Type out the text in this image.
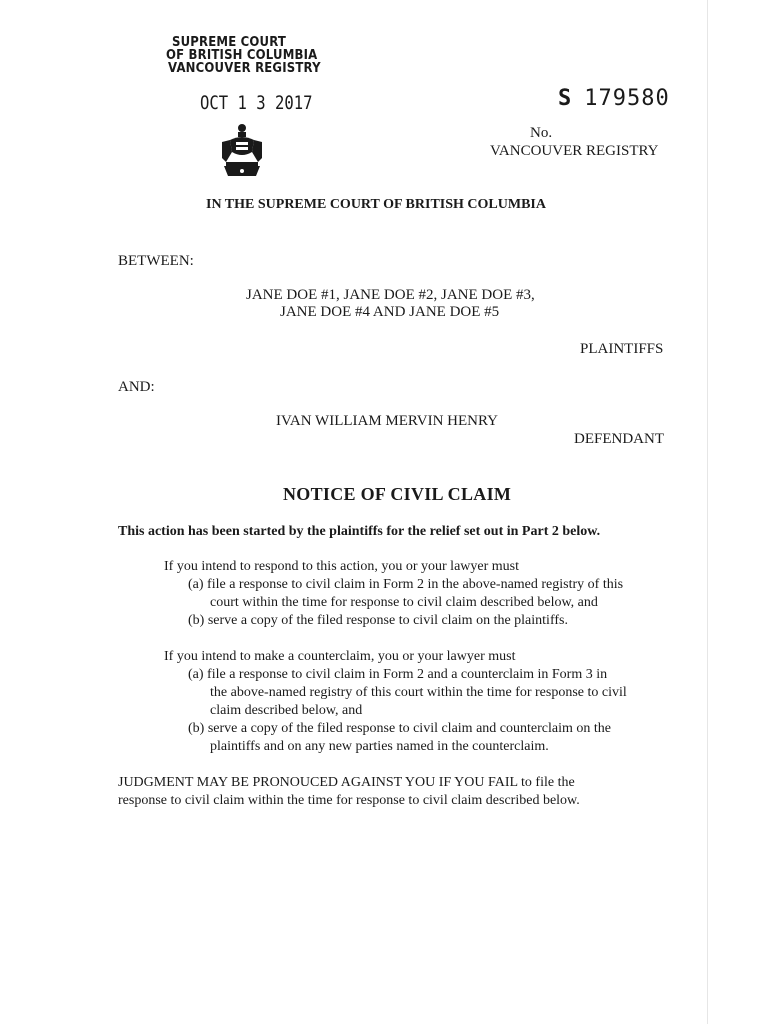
SUPREME COURT
OF BRITISH COLUMBIA
VANCOUVER REGISTRY
OCT 1 3 2017	S 179580
No.
VANCOUVER REGISTRY
IN THE SUPREME COURT OF BRITISH COLUMBIA
BETWEEN:
JANE DOE #1, JANE DOE #2, JANE DOE #3,
JANE DOE #4 AND JANE DOE #5
PLAINTIFFS
AND:
IVAN WILLIAM MERVIN HENRY
DEFENDANT
NOTICE OF CIVIL CLAIM
This action has been started by the plaintiffs for the relief set out in Part 2 below.
If you intend to respond to this action, you or your lawyer must
(a) file a response to civil claim in Form 2 in the above-named registry of this
court within the time for response to civil claim described below, and
(b) serve a copy of the filed response to civil claim on the plaintiffs.
If you intend to make a counterclaim, you or your lawyer must
(a) file a response to civil claim in Form 2 and a counterclaim in Form 3 in
the above-named registry of this court within the time for response to civil
claim described below, and
(b) serve a copy of the filed response to civil claim and counterclaim on the
plaintiffs and on any new parties named in the counterclaim.
JUDGMENT MAY BE PRONOUCED AGAINST YOU IF YOU FAIL to file the
response to civil claim within the time for response to civil claim described below.
